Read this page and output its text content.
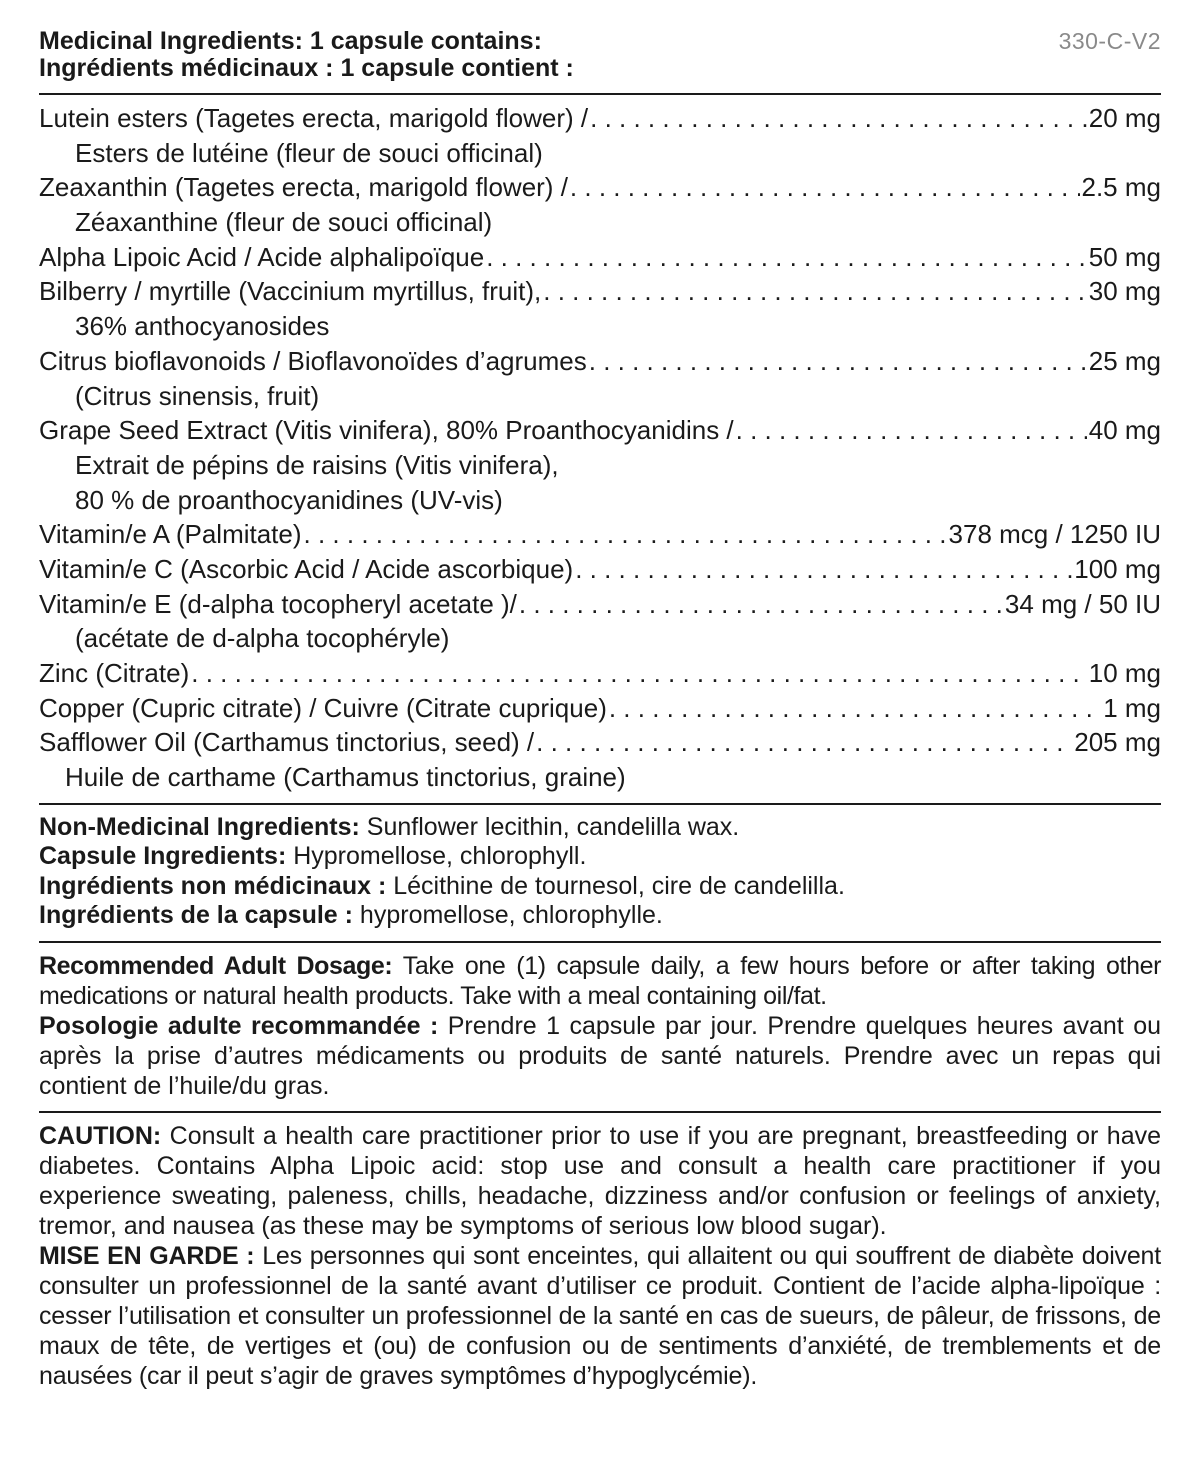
330-C-V2
Medicinal Ingredients: 1 capsule contains:
Ingrédients médicinaux : 1 capsule contient :
Lutein esters (Tagetes erecta, marigold flower) / . . .	20 mg
Esters de lutéine (fleur de souci officinal)
Zeaxanthin (Tagetes erecta, marigold flower) / . . .	2.5 mg
Zéaxanthine (fleur de souci officinal)
Alpha Lipoic Acid / Acide alphalipoïque . . .	50 mg
Bilberry / myrtille (Vaccinium myrtillus, fruit), . . .	30 mg
36% anthocyanosides
Citrus bioflavonoids / Bioflavonoïdes d’agrumes . . .	25 mg
(Citrus sinensis, fruit)
Grape Seed Extract (Vitis vinifera), 80% Proanthocyanidins / . . .	40 mg
Extrait de pépins de raisins (Vitis vinifera),
80 % de proanthocyanidines (UV-vis)
Vitamin/e A (Palmitate) . . .	378 mcg / 1250 IU
Vitamin/e C (Ascorbic Acid / Acide ascorbique) . . .	100 mg
Vitamin/e E (d-alpha tocopheryl acetate )/ . . .	34 mg / 50 IU
(acétate de d-alpha tocophéryle)
Zinc (Citrate) . . .	10 mg
Copper (Cupric citrate) / Cuivre (Citrate cuprique) . . .	1 mg
Safflower Oil (Carthamus tinctorius, seed) / . . .	205 mg
Huile de carthame (Carthamus tinctorius, graine)

Non-Medicinal Ingredients: Sunflower lecithin, candelilla wax.

Capsule Ingredients: Hypromellose, chlorophyll.

Ingrédients non médicinaux : Lécithine de tournesol, cire de candelilla.

Ingrédients de la capsule : hypromellose, chlorophylle.

Recommended Adult Dosage: Take one (1) capsule daily, a few hours before or after taking other medications or natural health products. Take with a meal containing oil/fat.

Posologie adulte recommandée : Prendre 1 capsule par jour. Prendre quelques heures avant ou après la prise d’autres médicaments ou produits de santé naturels. Prendre avec un repas qui contient de l’huile/du gras.

CAUTION: Consult a health care practitioner prior to use if you are pregnant, breastfeeding or have diabetes. Contains Alpha Lipoic acid: stop use and consult a health care practitioner if you experience sweating, paleness, chills, headache, dizziness and/or confusion or feelings of anxiety, tremor, and nausea (as these may be symptoms of serious low blood sugar).

MISE EN GARDE : Les personnes qui sont enceintes, qui allaitent ou qui souffrent de diabète doivent consulter un professionnel de la santé avant d’utiliser ce produit. Contient de l’acide alpha-lipoïque : cesser l’utilisation et consulter un professionnel de la santé en cas de sueurs, de pâleur, de frissons, de maux de tête, de vertiges et (ou) de confusion ou de sentiments d’anxiété, de tremblements et de nausées (car il peut s’agir de graves symptômes d’hypoglycémie).
